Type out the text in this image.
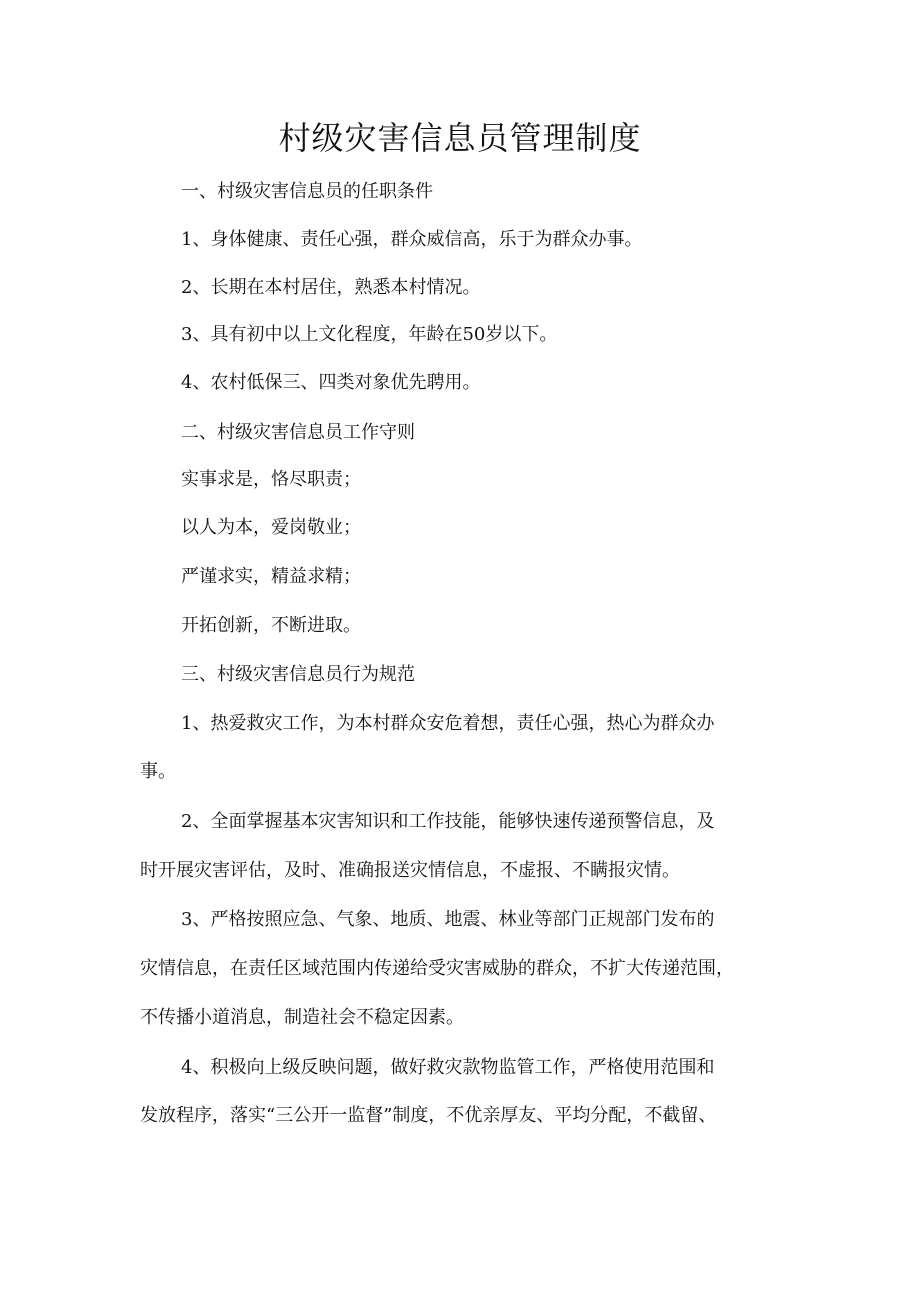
村级灾害信息员管理制度

一、村级灾害信息员的任职条件

1、身体健康、责任心强，群众威信高，乐于为群众办事。

2、长期在本村居住，熟悉本村情况。

3、具有初中以上文化程度，年龄在50岁以下。

4、农村低保三、四类对象优先聘用。

二、村级灾害信息员工作守则

实事求是，恪尽职责；

以人为本，爱岗敬业；

严谨求实，精益求精；

开拓创新，不断进取。

三、村级灾害信息员行为规范

1、热爱救灾工作，为本村群众安危着想，责任心强，热心为群众办

事。

2、全面掌握基本灾害知识和工作技能，能够快速传递预警信息，及

时开展灾害评估，及时、准确报送灾情信息，不虚报、不瞒报灾情。

3、严格按照应急、气象、地质、地震、林业等部门正规部门发布的

灾情信息，在责任区域范围内传递给受灾害威胁的群众，不扩大传递范围，

不传播小道消息，制造社会不稳定因素。

4、积极向上级反映问题，做好救灾款物监管工作，严格使用范围和

发放程序，落实“三公开一监督”制度，不优亲厚友、平均分配，不截留、
